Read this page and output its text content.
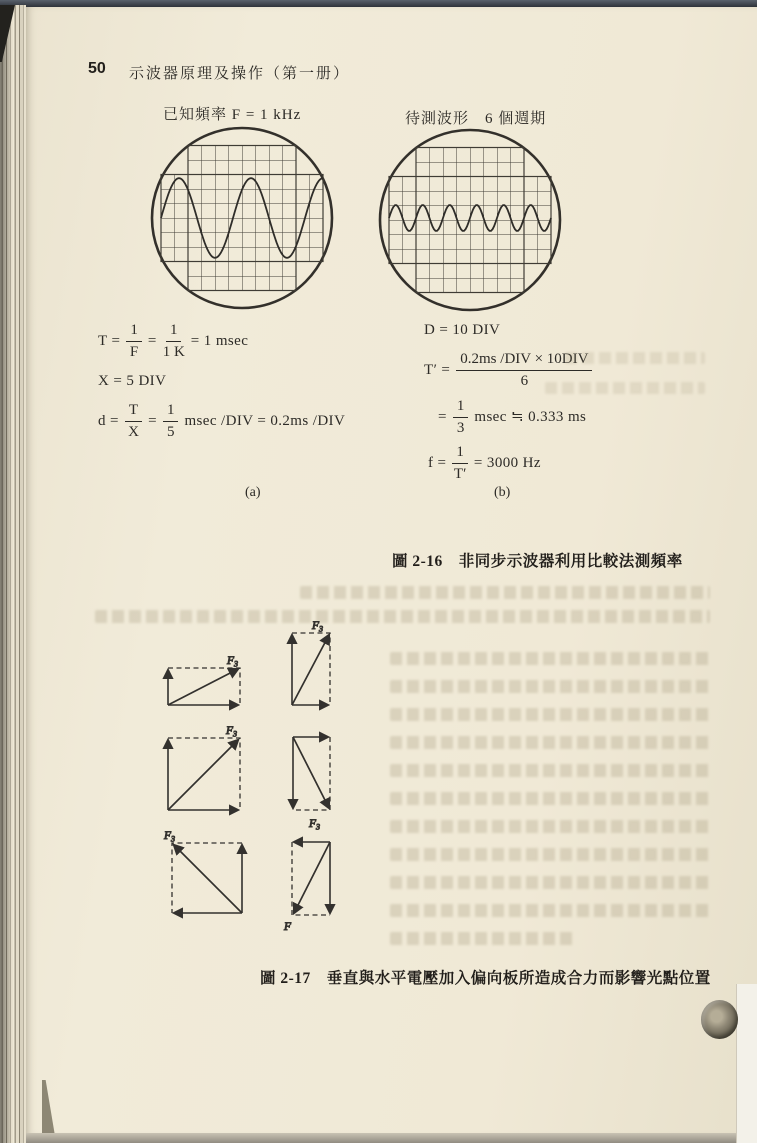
50 示波器原理及操作（第一册）
已知頻率 F = 1 kHz	待測波形　6 個週期
$T = \frac{1}{F} = \frac{1}{1 K} = 1$ msec
X = 5 DIV
$d = \frac{T}{X} = \frac{1}{5}$ msec /DIV = 0.2ms /DIV
D = 10 DIV
$T' = \frac{\text{0.2ms /DIV × 10DIV}}{6}$
= $\frac{1}{3}$ msec ≒ 0.333 ms
$f = \frac{1}{T'} = 3000$ Hz
(a)	(b)
圖 2-16　非同步示波器利用比較法測頻率
$F_3$
$F_3$
$F_3$
$F_3$
$F_3$
F
圖 2-17　垂直與水平電壓加入偏向板所造成合力而影響光點位置
